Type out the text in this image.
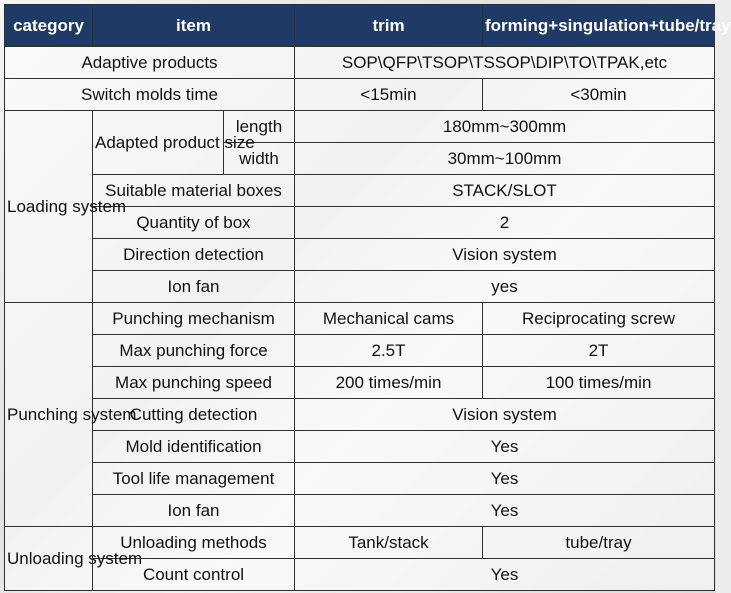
category	item		trim	forming+singulation+tube/tray
Adaptive products			SOP\QFP\TSOP\TSSOP\DIP\TO\TPAK,etc	
Switch molds time			<15min	<30min
Loading system	Adapted product size	length	180mm~300mm	
		width	30mm~100mm	
	Suitable material boxes		STACK/SLOT	
	Quantity of box		2	
	Direction detection		Vision system	
	Ion fan		yes	
Punching system	Punching mechanism		Mechanical cams	Reciprocating screw
	Max punching force		2.5T	2T
	Max punching speed		200 times/min	100 times/min
	Cutting detection		Vision system	
	Mold identification		Yes	
	Tool life management		Yes	
	Ion fan		Yes	
Unloading system	Unloading methods		Tank/stack	tube/tray
	Count control		Yes	
